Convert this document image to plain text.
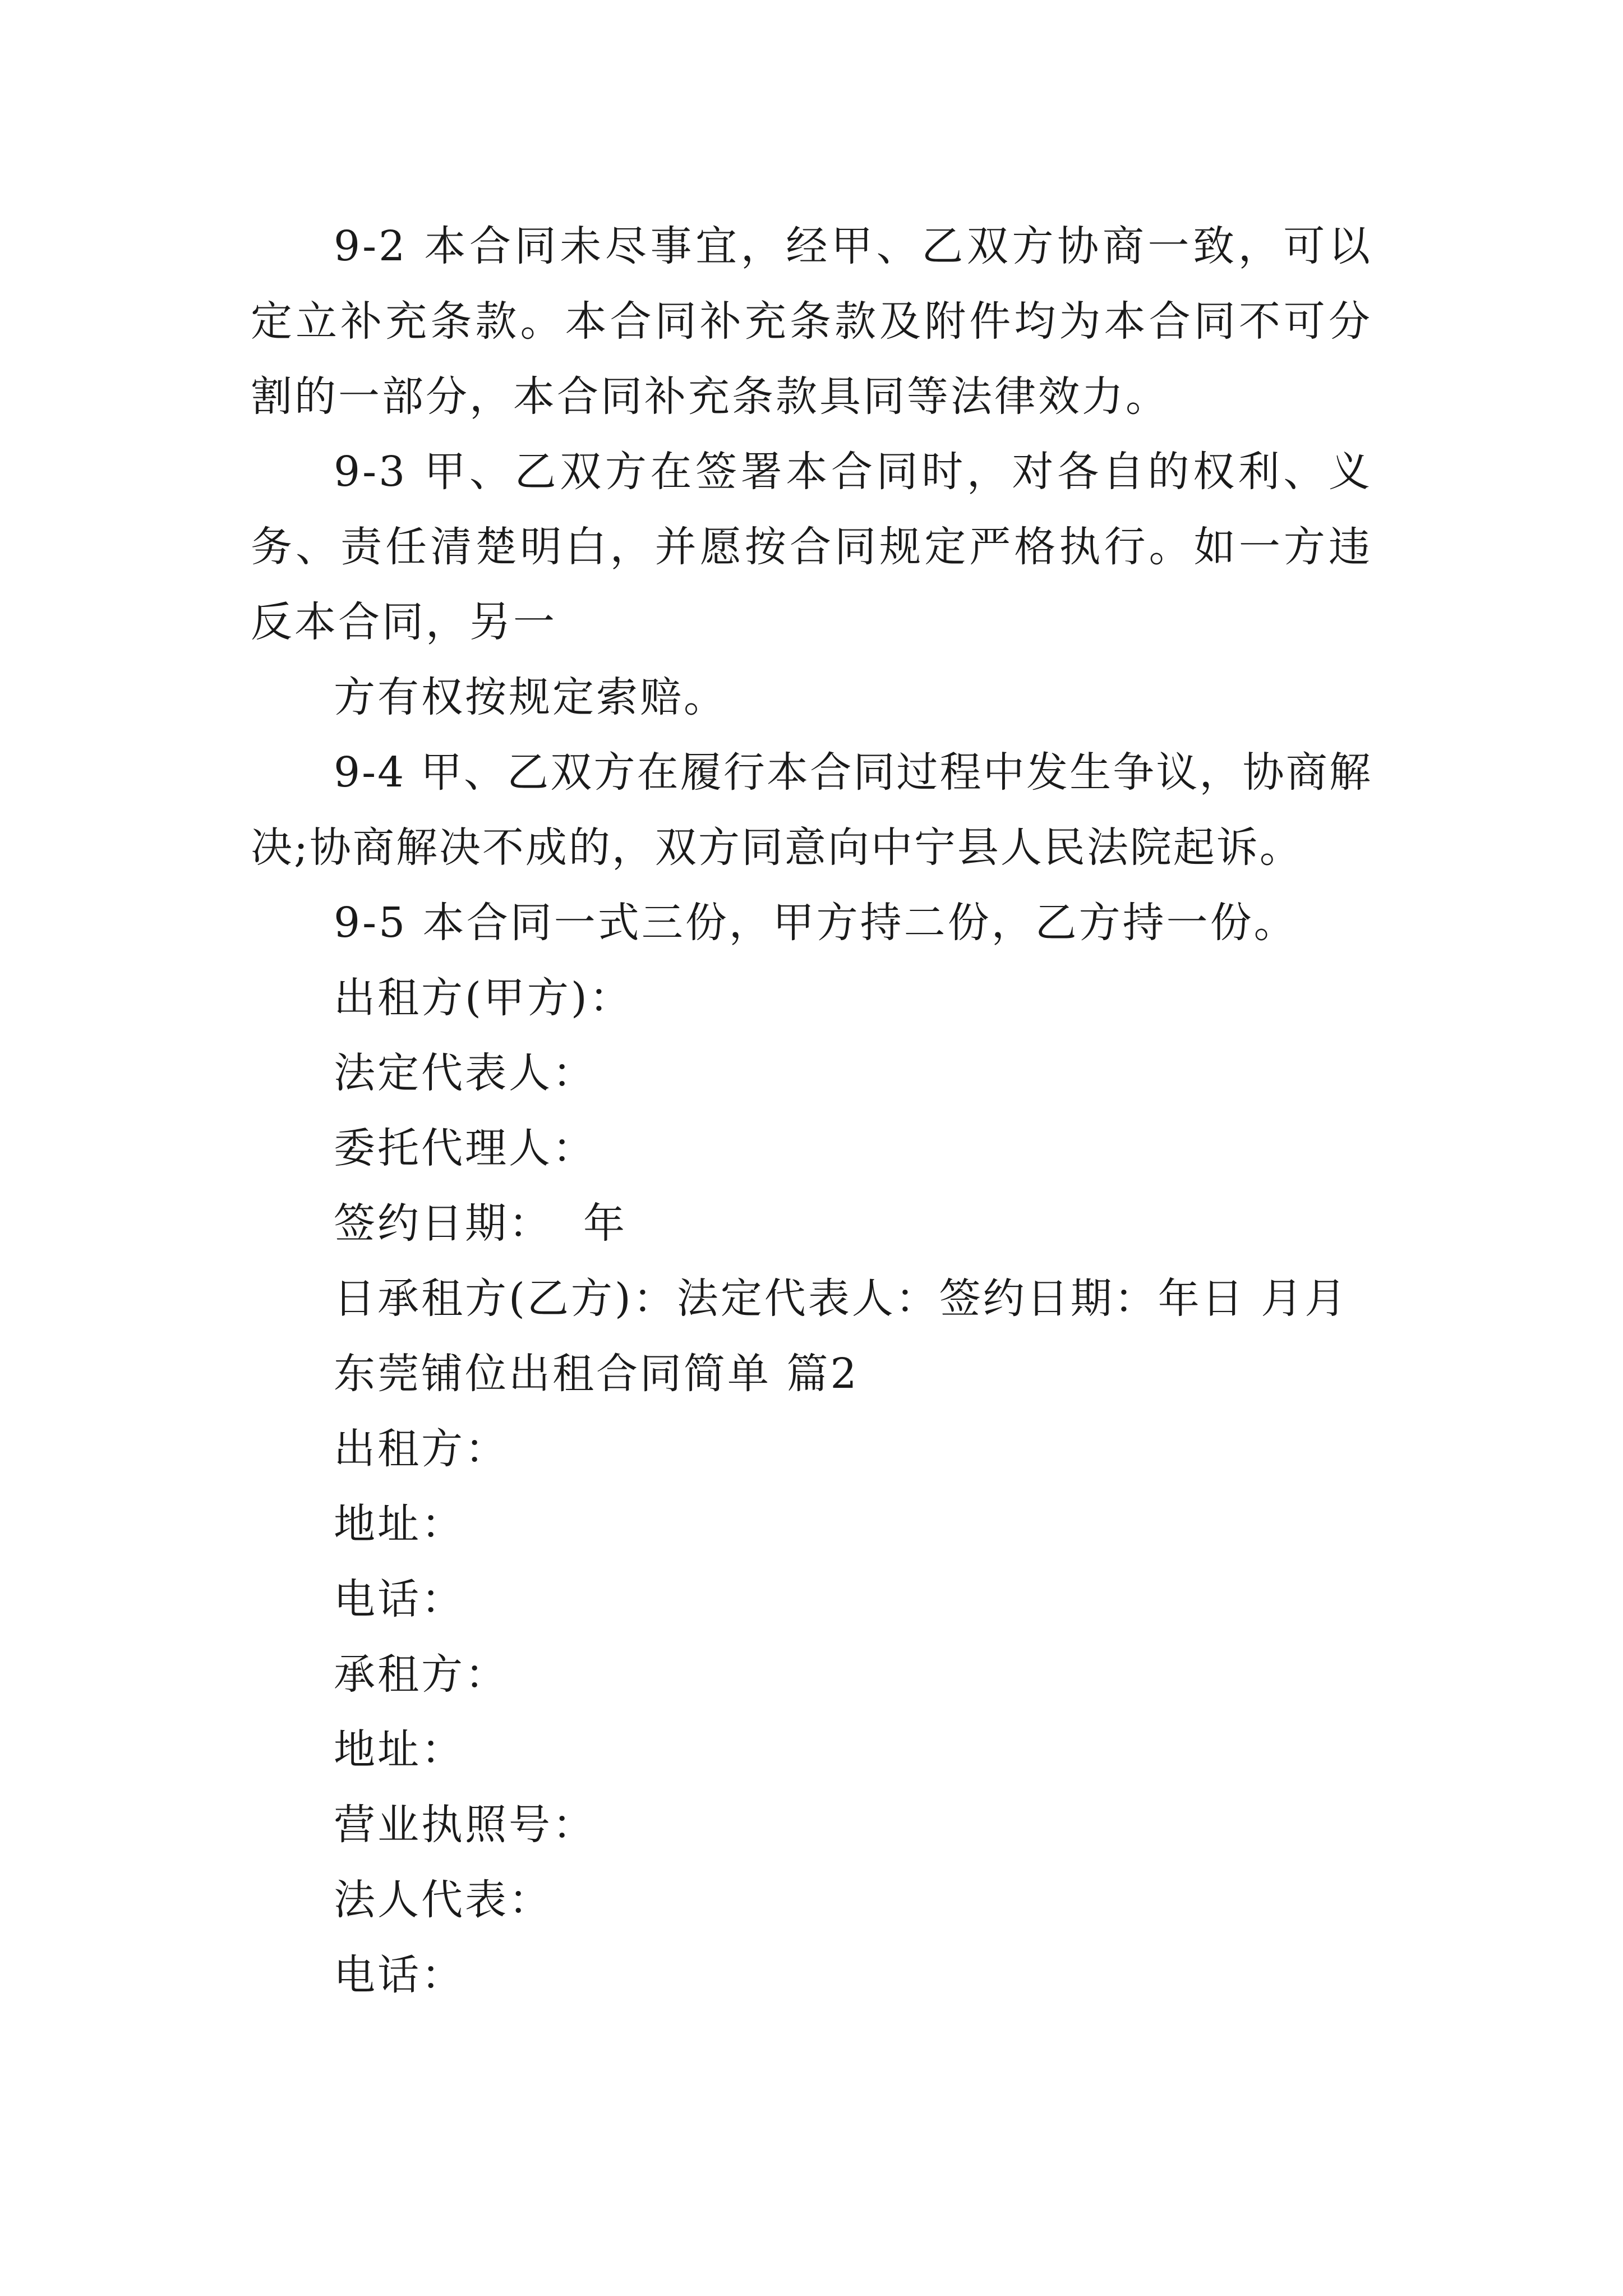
9-2 本合同未尽事宜，经甲、乙双方协商一致，可以定立补充条款。本合同补充条款及附件均为本合同不可分割的一部分，本合同补充条款具同等法律效力。

9-3 甲、乙双方在签署本合同时，对各自的权利、义务、责任清楚明白，并愿按合同规定严格执行。如一方违反本合同，另一

方有权按规定索赔。

9-4 甲、乙双方在履行本合同过程中发生争议，协商解决;协商解决不成的，双方同意向中宁县人民法院起诉。

9-5 本合同一式三份，甲方持二份，乙方持一份。

出租方(甲方)：

法定代表人：

委托代理人：

签约日期：  年

日承租方(乙方)：法定代表人：签约日期：年日 月月

东莞铺位出租合同简单 篇2

出租方：

地址：

电话：

承租方：

地址：

营业执照号：

法人代表：

电话：
